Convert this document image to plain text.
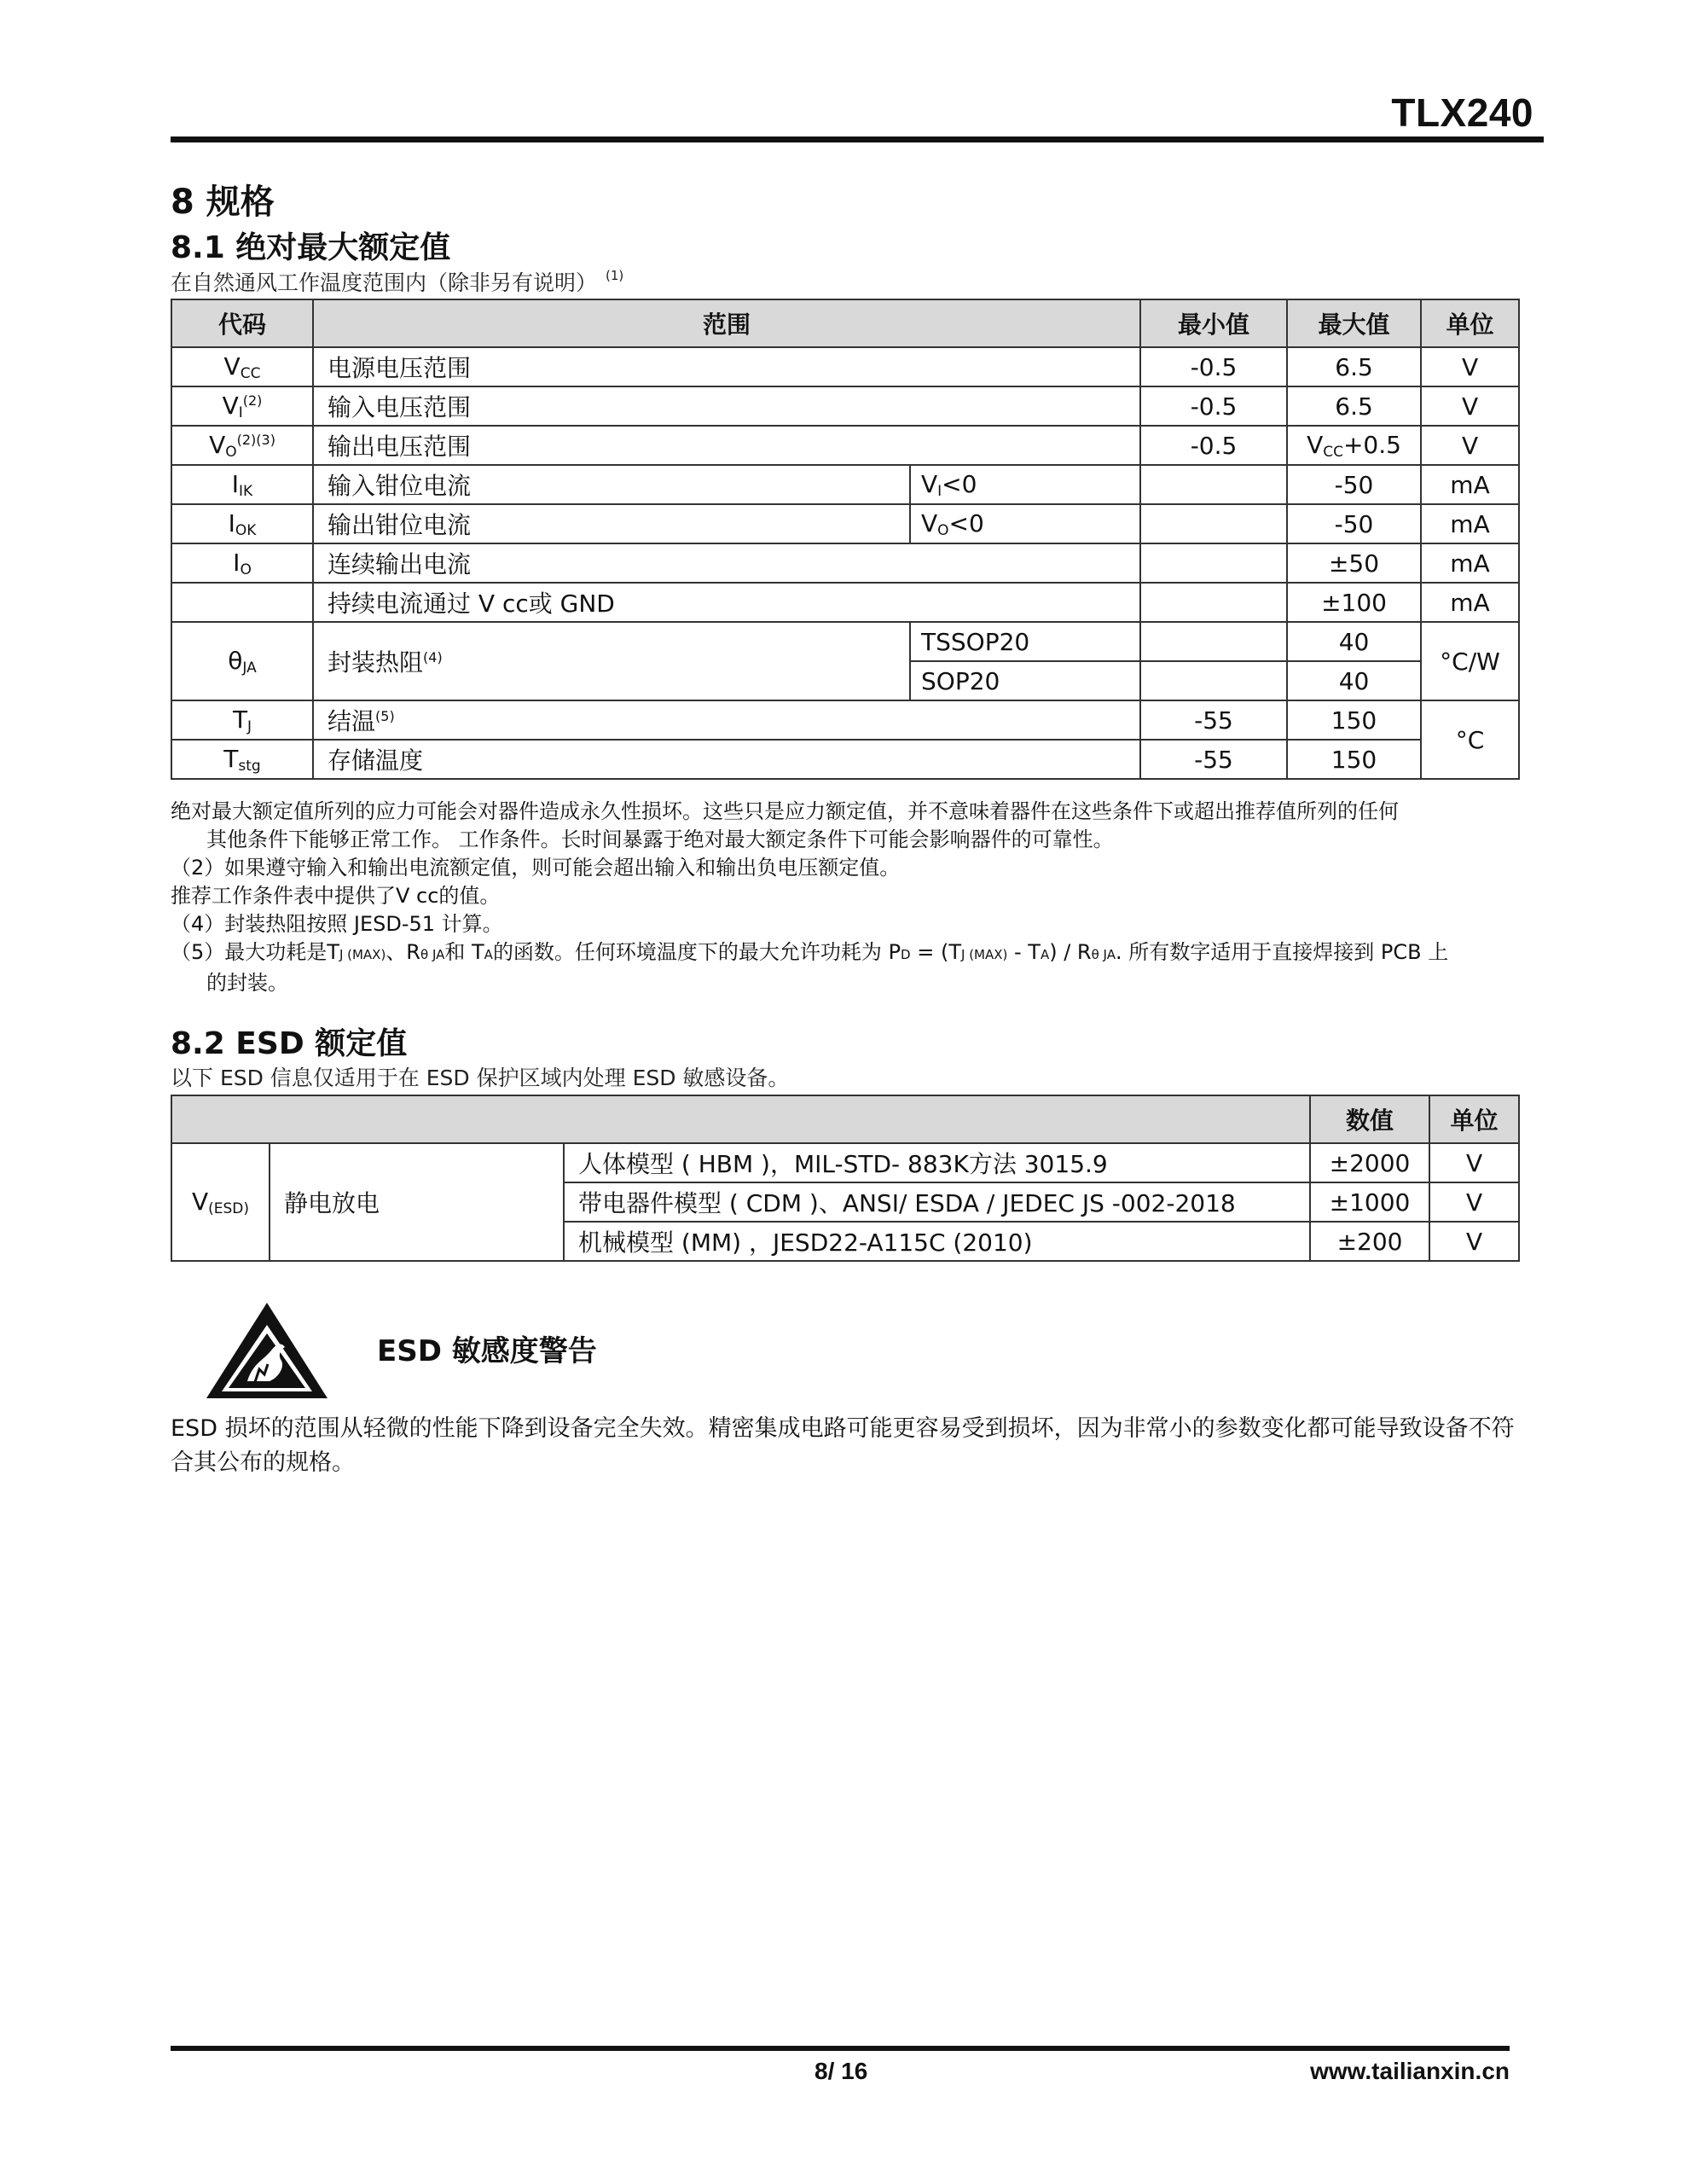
TLX240
8 规格
8.1 绝对最大额定值
在自然通风工作温度范围内（除非另有说明） $^{(1)}$
代码	范围		最小值	最大值	单位
$V_{CC}$	电源电压范围		-0.5	6.5	V
$V_I^{(2)}$	输入电压范围		-0.5	6.5	V
$V_O^{(2)(3)}$	输出电压范围		-0.5	$V_{CC}+0.5$	V
$I_{IK}$	输入钳位电流	$V_I<0$		-50	mA
$I_{OK}$	输出钳位电流	$V_O<0$		-50	mA
$I_O$	连续输出电流			±50	mA
	持续电流通过 V cc或 GND			±100	mA
$\theta_{JA}$	封装热阻$^{(4)}$	TSSOP20		40	°C/W
		SOP20		40	
$T_J$	结温$^{(5)}$		-55	150	°C
$T_{stg}$	存储温度		-55	150	

绝对最大额定值所列的应力可能会对器件造成永久性损坏。这些只是应力额定值，并不意味着器件在这些条件下或超出推荐值所列的任何

其他条件下能够正常工作。 工作条件。长时间暴露于绝对最大额定条件下可能会影响器件的可靠性。

（2）如果遵守输入和输出电流额定值，则可能会超出输入和输出负电压额定值。

推荐工作条件表中提供了V cc的值。

（4）封装热阻按照 JESD-51 计算。

（5）最大功耗是TJ (MAX)、Rθ JA和 TA的函数。任何环境温度下的最大允许功耗为 PD = (TJ (MAX) - TA) / Rθ JA. 所有数字适用于直接焊接到 PCB 上

的封装。

8.2 ESD 额定值
以下 ESD 信息仅适用于在 ESD 保护区域内处理 ESD 敏感设备。
			数值	单位
$V_{(ESD)}$	静电放电	人体模型 ( HBM )，MIL-STD- 883K方法 3015.9	±2000	V
		带电器件模型 ( CDM )、ANSI/ ESDA / JEDEC JS -002-2018	±1000	V
		机械模型 (MM) ，JESD22-A115C (2010)	±200	V
ESD 敏感度警告
ESD 损坏的范围从轻微的性能下降到设备完全失效。精密集成电路可能更容易受到损坏，因为非常小的参数变化都可能导致设备不符合其公布的规格。
8/ 16	www.tailianxin.cn
